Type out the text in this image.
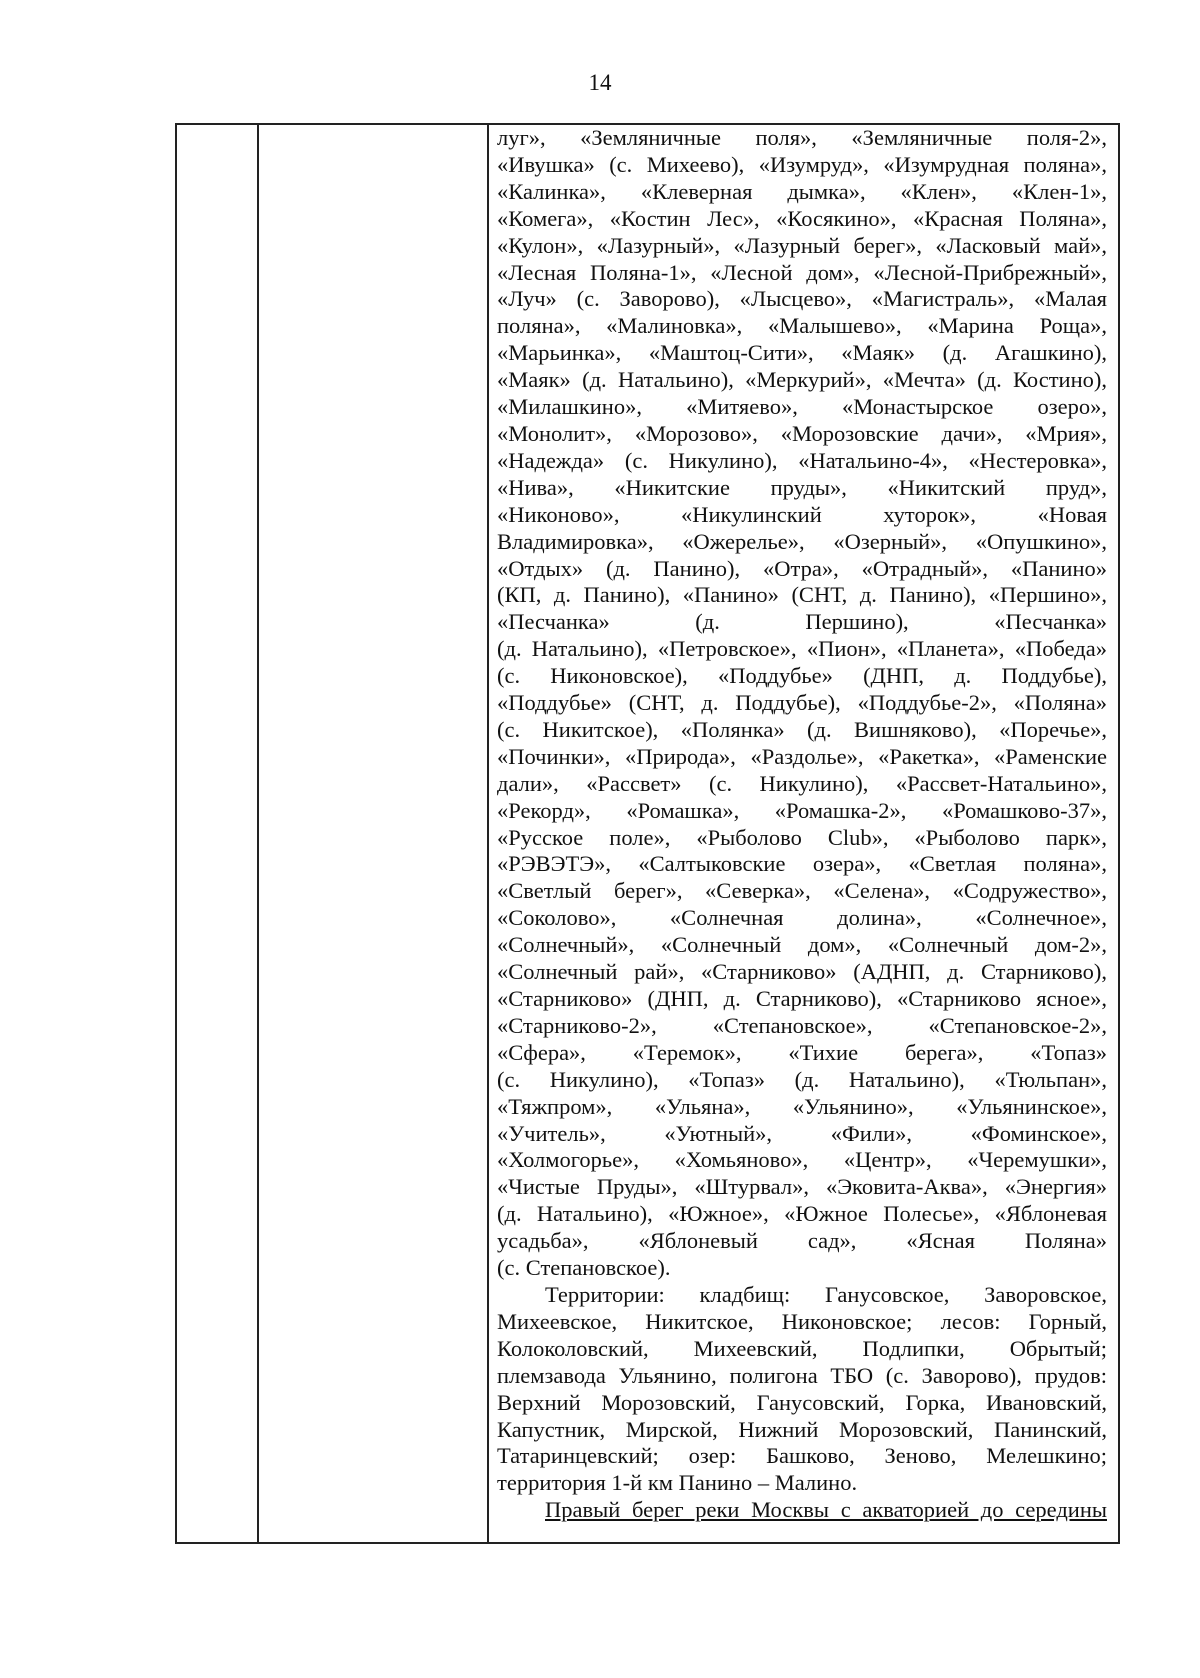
14
луг», «Земляничные поля», «Земляничные поля-2»,
«Ивушка» (с. Михеево), «Изумруд», «Изумрудная поляна»,
«Калинка», «Клеверная дымка», «Клен», «Клен-1»,
«Комега», «Костин Лес», «Косякино», «Красная Поляна»,
«Кулон», «Лазурный», «Лазурный берег», «Ласковый май»,
«Лесная Поляна-1», «Лесной дом», «Лесной-Прибрежный»,
«Луч» (с. Заворово), «Лысцево», «Магистраль», «Малая
поляна», «Малиновка», «Малышево», «Марина Роща»,
«Марьинка», «Маштоц-Сити», «Маяк» (д. Агашкино),
«Маяк» (д. Натальино), «Меркурий», «Мечта» (д. Костино),
«Милашкино», «Митяево», «Монастырское озеро»,
«Монолит», «Морозово», «Морозовские дачи», «Мрия»,
«Надежда» (с. Никулино), «Натальино-4», «Нестеровка»,
«Нива», «Никитские пруды», «Никитский пруд»,
«Никоново», «Никулинский хуторок», «Новая
Владимировка», «Ожерелье», «Озерный», «Опушкино»,
«Отдых» (д. Панино), «Отра», «Отрадный», «Панино»
(КП, д. Панино), «Панино» (СНТ, д. Панино), «Першино»,
«Песчанка» (д. Першино), «Песчанка»
(д. Натальино), «Петровское», «Пион», «Планета», «Победа»
(с. Никоновское), «Поддубье» (ДНП, д. Поддубье),
«Поддубье» (СНТ, д. Поддубье), «Поддубье-2», «Поляна»
(с. Никитское), «Полянка» (д. Вишняково), «Поречье»,
«Починки», «Природа», «Раздолье», «Ракетка», «Раменские
дали», «Рассвет» (с. Никулино), «Рассвет-Натальино»,
«Рекорд», «Ромашка», «Ромашка-2», «Ромашково-37»,
«Русское поле», «Рыболово Club», «Рыболово парк»,
«РЭВЭТЭ», «Салтыковские озера», «Светлая поляна»,
«Светлый берег», «Северка», «Селена», «Содружество»,
«Соколово», «Солнечная долина», «Солнечное»,
«Солнечный», «Солнечный дом», «Солнечный дом-2»,
«Солнечный рай», «Старниково» (АДНП, д. Старниково),
«Старниково» (ДНП, д. Старниково), «Старниково ясное»,
«Старниково-2», «Степановское», «Степановское-2»,
«Сфера», «Теремок», «Тихие берега», «Топаз»
(с. Никулино), «Топаз» (д. Натальино), «Тюльпан»,
«Тяжпром», «Ульяна», «Ульянино», «Ульянинское»,
«Учитель», «Уютный», «Фили», «Фоминское»,
«Холмогорье», «Хомьяново», «Центр», «Черемушки»,
«Чистые Пруды», «Штурвал», «Эковита-Аква», «Энергия»
(д. Натальино), «Южное», «Южное Полесье», «Яблоневая
усадьба», «Яблоневый сад», «Ясная Поляна»
(с. Степановское).
Территории: кладбищ: Ганусовское, Заворовское,
Михеевское, Никитское, Никоновское; лесов: Горный,
Колоколовский, Михеевский, Подлипки, Обрытый;
племзавода Ульянино, полигона ТБО (с. Заворово), прудов:
Верхний Морозовский, Ганусовский, Горка, Ивановский,
Капустник, Мирской, Нижний Морозовский, Панинский,
Татаринцевский; озер: Башково, Зеново, Мелешкино;
территория 1-й км Панино – Малино.
Правый берег реки Москвы с акваторией до середины
